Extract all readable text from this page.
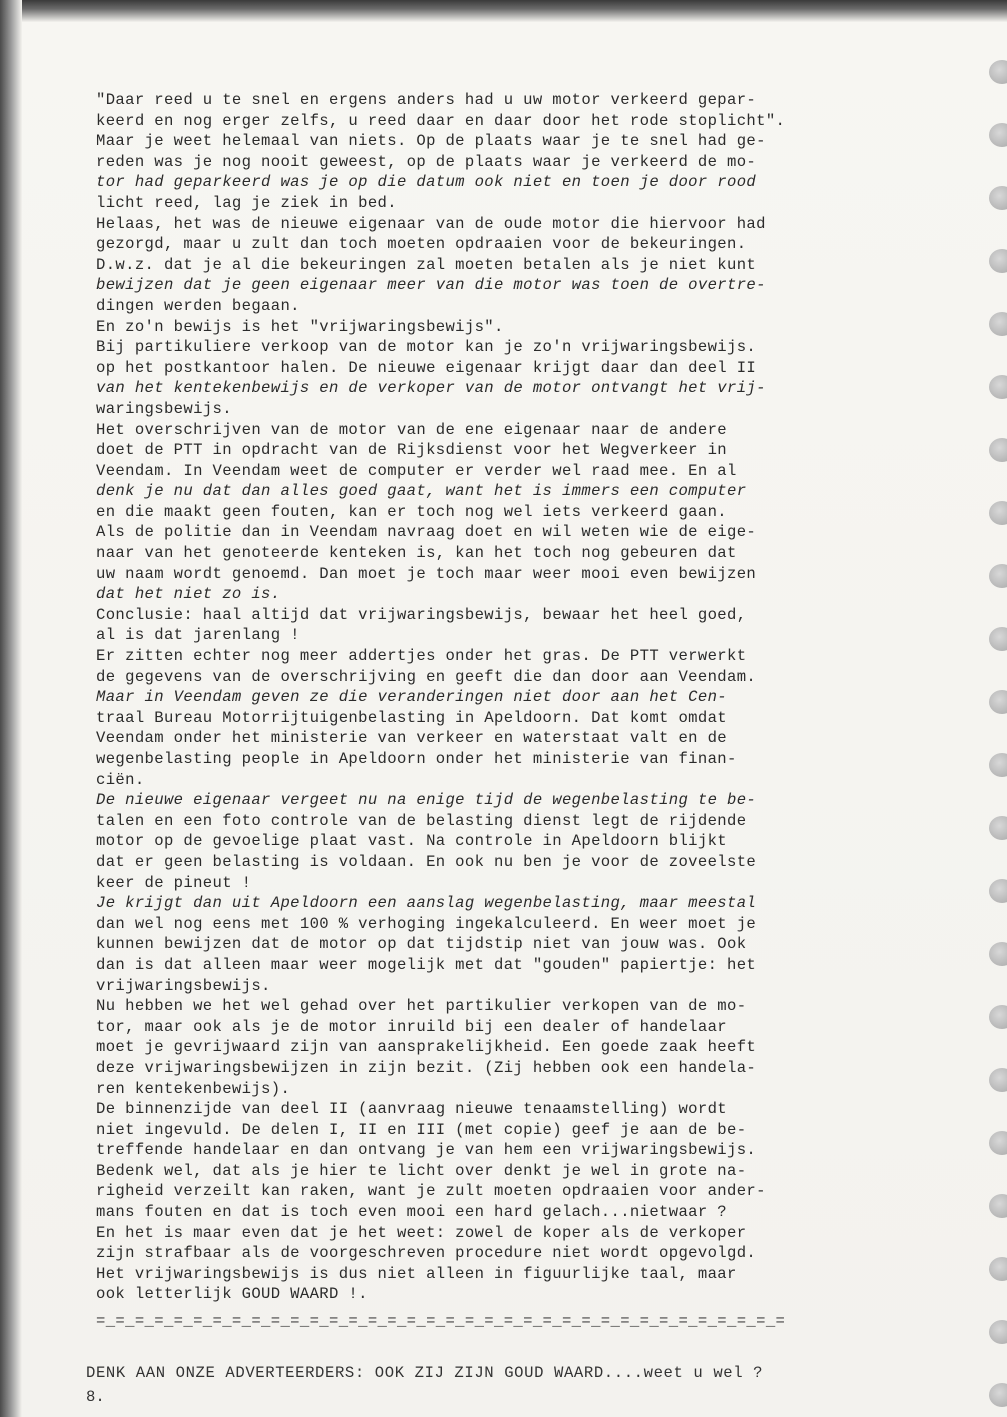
"Daar reed u te snel en ergens anders had u uw motor verkeerd gepar-
keerd en nog erger zelfs, u reed daar en daar door het rode stoplicht".
Maar je weet helemaal van niets. Op de plaats waar je te snel had ge-
reden was je nog nooit geweest, op de plaats waar je verkeerd de mo-
tor had geparkeerd was je op die datum ook niet en toen je door rood
licht reed, lag je ziek in bed.
Helaas, het was de nieuwe eigenaar van de oude motor die hiervoor had
gezorgd, maar u zult dan toch moeten opdraaien voor de bekeuringen.
D.w.z. dat je al die bekeuringen zal moeten betalen als je niet kunt
bewijzen dat je geen eigenaar meer van die motor was toen de overtre-
dingen werden begaan.
En zo'n bewijs is het "vrijwaringsbewijs".
Bij partikuliere verkoop van de motor kan je zo'n vrijwaringsbewijs.
op het postkantoor halen. De nieuwe eigenaar krijgt daar dan deel II
van het kentekenbewijs en de verkoper van de motor ontvangt het vrij-
waringsbewijs.
Het overschrijven van de motor van de ene eigenaar naar de andere
doet de PTT in opdracht van de Rijksdienst voor het Wegverkeer in
Veendam. In Veendam weet de computer er verder wel raad mee. En al
denk je nu dat dan alles goed gaat, want het is immers een computer
en die maakt geen fouten, kan er toch nog wel iets verkeerd gaan.
Als de politie dan in Veendam navraag doet en wil weten wie de eige-
naar van het genoteerde kenteken is, kan het toch nog gebeuren dat
uw naam wordt genoemd. Dan moet je toch maar weer mooi even bewijzen
dat het niet zo is.
Conclusie: haal altijd dat vrijwaringsbewijs, bewaar het heel goed,
al is dat jarenlang !
Er zitten echter nog meer addertjes onder het gras. De PTT verwerkt
de gegevens van de overschrijving en geeft die dan door aan Veendam.
Maar in Veendam geven ze die veranderingen niet door aan het Cen-
traal Bureau Motorrijtuigenbelasting in Apeldoorn. Dat komt omdat
Veendam onder het ministerie van verkeer en waterstaat valt en de
wegenbelasting people in Apeldoorn onder het ministerie van finan-
ciën.
De nieuwe eigenaar vergeet nu na enige tijd de wegenbelasting te be-
talen en een foto controle van de belasting dienst legt de rijdende
motor op de gevoelige plaat vast. Na controle in Apeldoorn blijkt
dat er geen belasting is voldaan. En ook nu ben je voor de zoveelste
keer de pineut !
Je krijgt dan uit Apeldoorn een aanslag wegenbelasting, maar meestal
dan wel nog eens met 100 % verhoging ingekalculeerd. En weer moet je
kunnen bewijzen dat de motor op dat tijdstip niet van jouw was. Ook
dan is dat alleen maar weer mogelijk met dat "gouden" papiertje: het
vrijwaringsbewijs.
Nu hebben we het wel gehad over het partikulier verkopen van de mo-
tor, maar ook als je de motor inruild bij een dealer of handelaar
moet je gevrijwaard zijn van aansprakelijkheid. Een goede zaak heeft
deze vrijwaringsbewijzen in zijn bezit. (Zij hebben ook een handela-
ren kentekenbewijs).
De binnenzijde van deel II (aanvraag nieuwe tenaamstelling) wordt
niet ingevuld. De delen I, II en III (met copie) geef je aan de be-
treffende handelaar en dan ontvang je van hem een vrijwaringsbewijs.
Bedenk wel, dat als je hier te licht over denkt je wel in grote na-
righeid verzeilt kan raken, want je zult moeten opdraaien voor ander-
mans fouten en dat is toch even mooi een hard gelach...nietwaar ?
En het is maar even dat je het weet: zowel de koper als de verkoper
zijn strafbaar als de voorgeschreven procedure niet wordt opgevolgd.
Het vrijwaringsbewijs is dus niet alleen in figuurlijke taal, maar
ook letterlijk GOUD WAARD !.
=_=_=_=_=_=_=_=_=_=_=_=_=_=_=_=_=_=_=_=_=_=_=_=_=_=_=_=_=_=_=_=_=_=_=_=
DENK AAN ONZE ADVERTEERDERS: OOK ZIJ ZIJN GOUD WAARD....weet u wel ?
8.
